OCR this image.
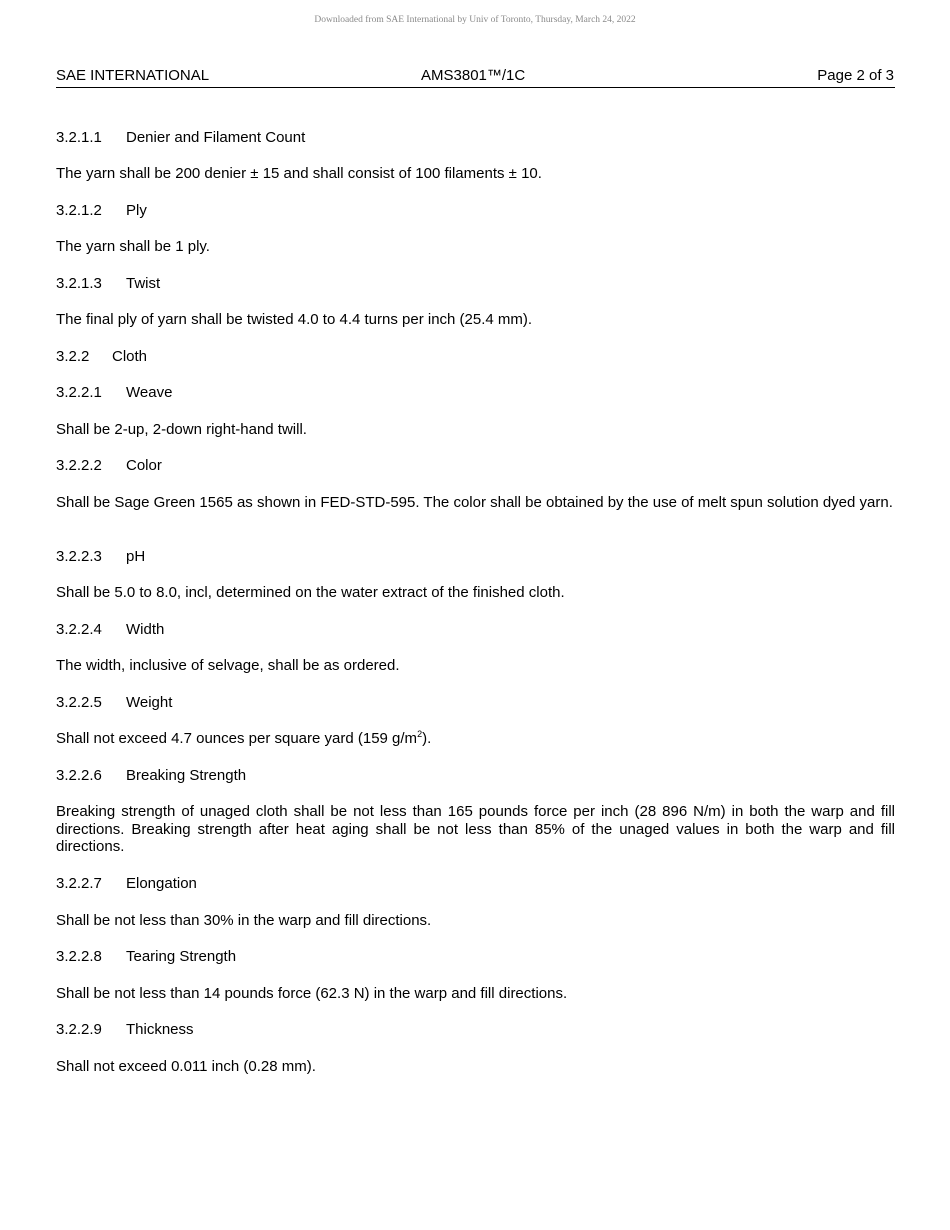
Downloaded from SAE International by Univ of Toronto, Thursday, March 24, 2022
SAE INTERNATIONAL	AMS3801™/1C	Page 2 of 3
3.2.1.1 Denier and Filament Count
The yarn shall be 200 denier ± 15 and shall consist of 100 filaments ± 10.
3.2.1.2 Ply
The yarn shall be 1 ply.
3.2.1.3 Twist
The final ply of yarn shall be twisted 4.0 to 4.4 turns per inch (25.4 mm).
3.2.2 Cloth
3.2.2.1 Weave
Shall be 2-up, 2-down right-hand twill.
3.2.2.2 Color
Shall be Sage Green 1565 as shown in FED-STD-595. The color shall be obtained by the use of melt spun solution dyed yarn.
3.2.2.3 pH
Shall be 5.0 to 8.0, incl, determined on the water extract of the finished cloth.
3.2.2.4 Width
The width, inclusive of selvage, shall be as ordered.
3.2.2.5 Weight
Shall not exceed 4.7 ounces per square yard (159 $g/m^2$).
3.2.2.6 Breaking Strength
Breaking strength of unaged cloth shall be not less than 165 pounds force per inch (28 896 N/m) in both the warp and fill directions. Breaking strength after heat aging shall be not less than 85% of the unaged values in both the warp and fill directions.
3.2.2.7 Elongation
Shall be not less than 30% in the warp and fill directions.
3.2.2.8 Tearing Strength
Shall be not less than 14 pounds force (62.3 N) in the warp and fill directions.
3.2.2.9 Thickness
Shall not exceed 0.011 inch (0.28 mm).
